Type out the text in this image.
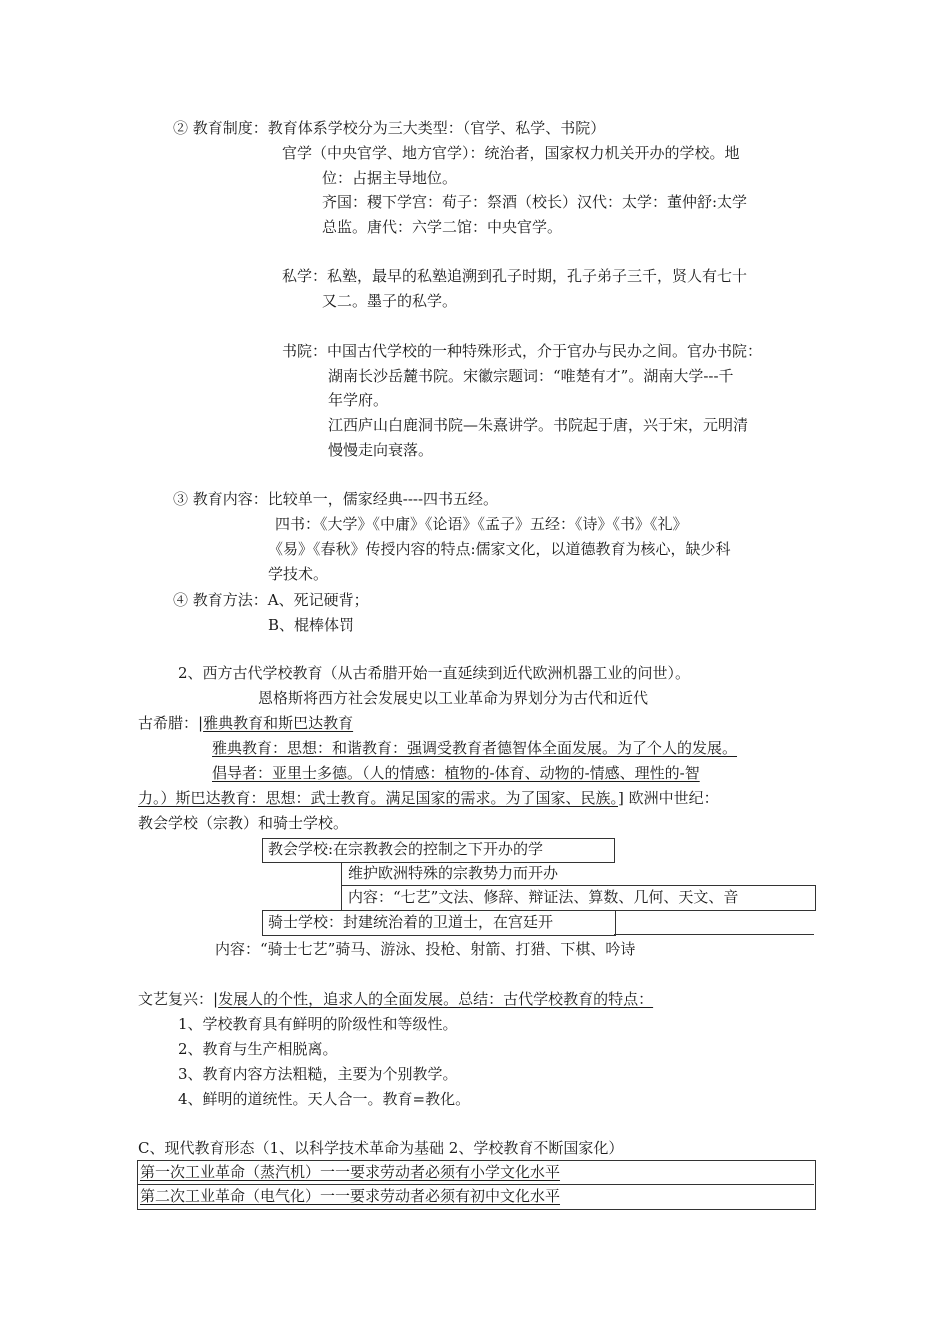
② 教育制度：教育体系学校分为三大类型：（官学、私学、书院）
官学（中央官学、地方官学）：统治者，国家权力机关开办的学校。地
位：占据主导地位。
齐国：稷下学宫：荀子：祭酒（校长）汉代：太学：董仲舒:太学
总监。唐代：六学二馆：中央官学。
私学：私塾，最早的私塾追溯到孔子时期，孔子弟子三千，贤人有七十
又二。墨子的私学。
书院：中国古代学校的一种特殊形式，介于官办与民办之间。官办书院：
湖南长沙岳麓书院。宋徽宗题词：“唯楚有才”。湖南大学---千
年学府。
江西庐山白鹿洞书院—朱熹讲学。书院起于唐，兴于宋，元明清
慢慢走向衰落。
③ 教育内容：比较单一，儒家经典----四书五经。
四书：《大学》《中庸》《论语》《孟子》五经：《诗》《书》《礼》
《易》《春秋》传授内容的特点:儒家文化，以道德教育为核心，缺少科
学技术。
④ 教育方法：A、死记硬背；
B、棍棒体罚
2、西方古代学校教育（从古希腊开始一直延续到近代欧洲机器工业的问世）。
恩格斯将西方社会发展史以工业革命为界划分为古代和近代
古希腊：|雅典教育和斯巴达教育
雅典教育：思想：和谐教育：强调受教育者德智体全面发展。为了个人的发展。
倡导者：亚里士多德。（人的情感：植物的-体育、动物的-情感、理性的-智
力。）斯巴达教育：思想：武士教育。满足国家的需求。为了国家、民族。] 欧洲中世纪：
教会学校（宗教）和骑士学校。
教会学校:在宗教教会的控制之下开办的学
维护欧洲特殊的宗教势力而开办
内容：“七艺”文法、修辞、辩证法、算数、几何、天文、音
骑士学校：封建统治着的卫道士，在宫廷开
内容：“骑士七艺”骑马、游泳、投枪、射箭、打猎、下棋、吟诗
文艺复兴：|发展人的个性，追求人的全面发展。总结：古代学校教育的特点：
1、学校教育具有鲜明的阶级性和等级性。
2、教育与生产相脱离。
3、教育内容方法粗糙，主要为个别教学。
4、鲜明的道统性。天人合一。教育=教化。
C、现代教育形态（1、以科学技术革命为基础 2、学校教育不断国家化）
第一次工业革命（蒸汽机）一一要求劳动者必须有小学文化水平
第二次工业革命（电气化）一一要求劳动者必须有初中文化水平
